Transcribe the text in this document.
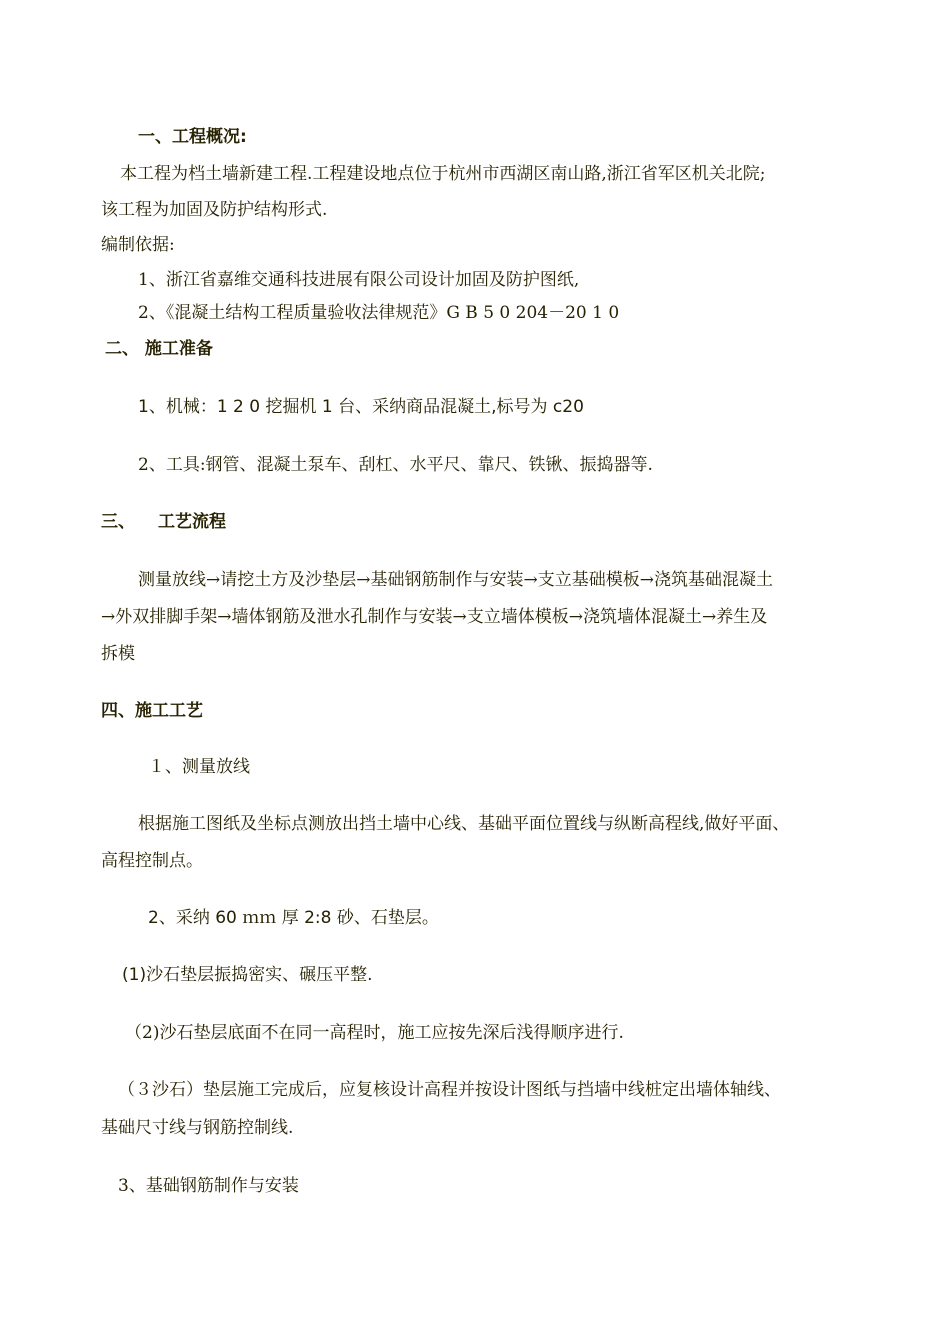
一、工程概况:
本工程为档土墙新建工程.工程建设地点位于杭州市西湖区南山路,浙江省军区机关北院;
该工程为加固及防护结构形式.
编制依据:
1、浙江省嘉维交通科技进展有限公司设计加固及防护图纸,
2、《混凝土结构工程质量验收法律规范》G B 5 0 204－20 1 0
二、 施工准备
1、机械：1 2 0 挖掘机 1 台、采纳商品混凝土,标号为 c20
2、工具:钢管、混凝土泵车、刮杠、水平尺、靠尺、铁锹、振捣器等.
三、 工艺流程
测量放线→请挖土方及沙垫层→基础钢筋制作与安装→支立基础模板→浇筑基础混凝土
→外双排脚手架→墙体钢筋及泄水孔制作与安装→支立墙体模板→浇筑墙体混凝土→养生及
拆模
四、施工工艺
１、测量放线
根据施工图纸及坐标点测放出挡土墙中心线、基础平面位置线与纵断高程线,做好平面、
高程控制点。
2、采纳 60 ｍｍ 厚 2:8 砂、石垫层。
(1)沙石垫层振捣密实、碾压平整.
（2)沙石垫层底面不在同一高程时，施工应按先深后浅得顺序进行.
（３沙石）垫层施工完成后，应复核设计高程并按设计图纸与挡墙中线桩定出墙体轴线、
基础尺寸线与钢筋控制线.
3、基础钢筋制作与安装
